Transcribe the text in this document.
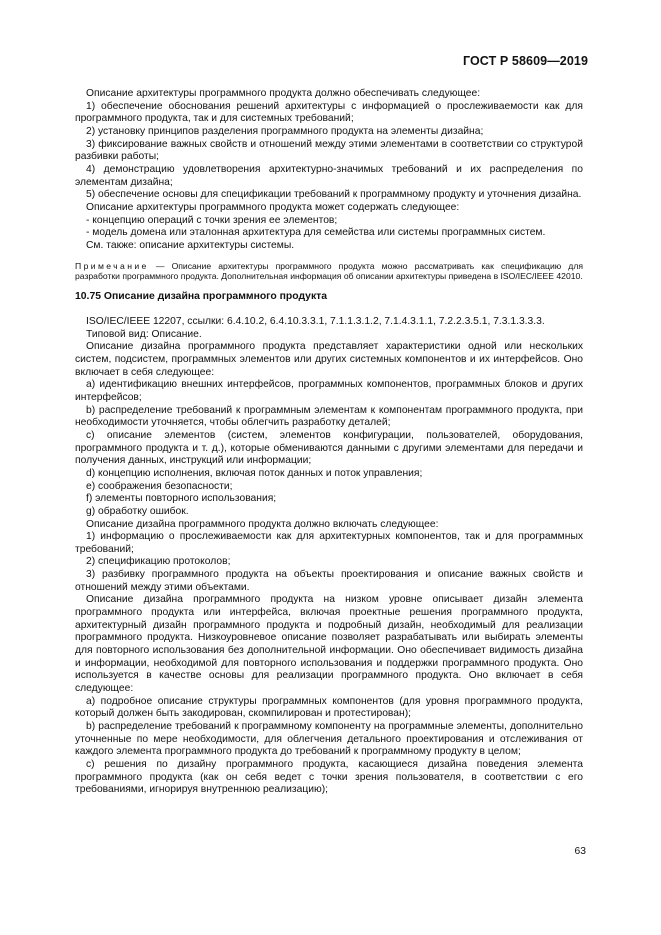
ГОСТ Р 58609—2019

Описание архитектуры программного продукта должно обеспечивать следующее:

1) обеспечение обоснования решений архитектуры с информацией о прослеживаемости как для программного продукта, так и для системных требований;

2) установку принципов разделения программного продукта на элементы дизайна;

3) фиксирование важных свойств и отношений между этими элементами в соответствии со структурой разбивки работы;

4) демонстрацию удовлетворения архитектурно-значимых требований и их распределения по элементам дизайна;

5) обеспечение основы для спецификации требований к программному продукту и уточнения дизайна.

Описание архитектуры программного продукта может содержать следующее:

- концепцию операций с точки зрения ее элементов;

- модель домена или эталонная архитектура для семейства или системы программных систем.

См. также: описание архитектуры системы.

Примечание — Описание архитектуры программного продукта можно рассматривать как спецификацию для разработки программного продукта. Дополнительная информация об описании архитектуры приведена в ISO/IEC/IEEE 42010.

10.75 Описание дизайна программного продукта

ISO/IEC/IEEE 12207, ссылки: 6.4.10.2, 6.4.10.3.3.1, 7.1.1.3.1.2, 7.1.4.3.1.1, 7.2.2.3.5.1, 7.3.1.3.3.3.

Типовой вид: Описание.

Описание дизайна программного продукта представляет характеристики одной или нескольких систем, подсистем, программных элементов или других системных компонентов и их интерфейсов. Оно включает в себя следующее:

a) идентификацию внешних интерфейсов, программных компонентов, программных блоков и других интерфейсов;

b) распределение требований к программным элементам к компонентам программного продукта, при необходимости уточняется, чтобы облегчить разработку деталей;

c) описание элементов (систем, элементов конфигурации, пользователей, оборудования, программного продукта и т. д.), которые обмениваются данными с другими элементами для передачи и получения данных, инструкций или информации;

d) концепцию исполнения, включая поток данных и поток управления;

e) соображения безопасности;

f) элементы повторного использования;

g) обработку ошибок.

Описание дизайна программного продукта должно включать следующее:

1) информацию о прослеживаемости как для архитектурных компонентов, так и для программных требований;

2) спецификацию протоколов;

3) разбивку программного продукта на объекты проектирования и описание важных свойств и отношений между этими объектами.

Описание дизайна программного продукта на низком уровне описывает дизайн элемента программного продукта или интерфейса, включая проектные решения программного продукта, архитектурный дизайн программного продукта и подробный дизайн, необходимый для реализации программного продукта. Низкоуровневое описание позволяет разрабатывать или выбирать элементы для повторного использования без дополнительной информации. Оно обеспечивает видимость дизайна и информации, необходимой для повторного использования и поддержки программного продукта. Оно используется в качестве основы для реализации программного продукта. Оно включает в себя следующее:

a) подробное описание структуры программных компонентов (для уровня программного продукта, который должен быть закодирован, скомпилирован и протестирован);

b) распределение требований к программному компоненту на программные элементы, дополнительно уточненные по мере необходимости, для облегчения детального проектирования и отслеживания от каждого элемента программного продукта до требований к программному продукту в целом;

c) решения по дизайну программного продукта, касающиеся дизайна поведения элемента программного продукта (как он себя ведет с точки зрения пользователя, в соответствии с его требованиями, игнорируя внутреннюю реализацию);

63
